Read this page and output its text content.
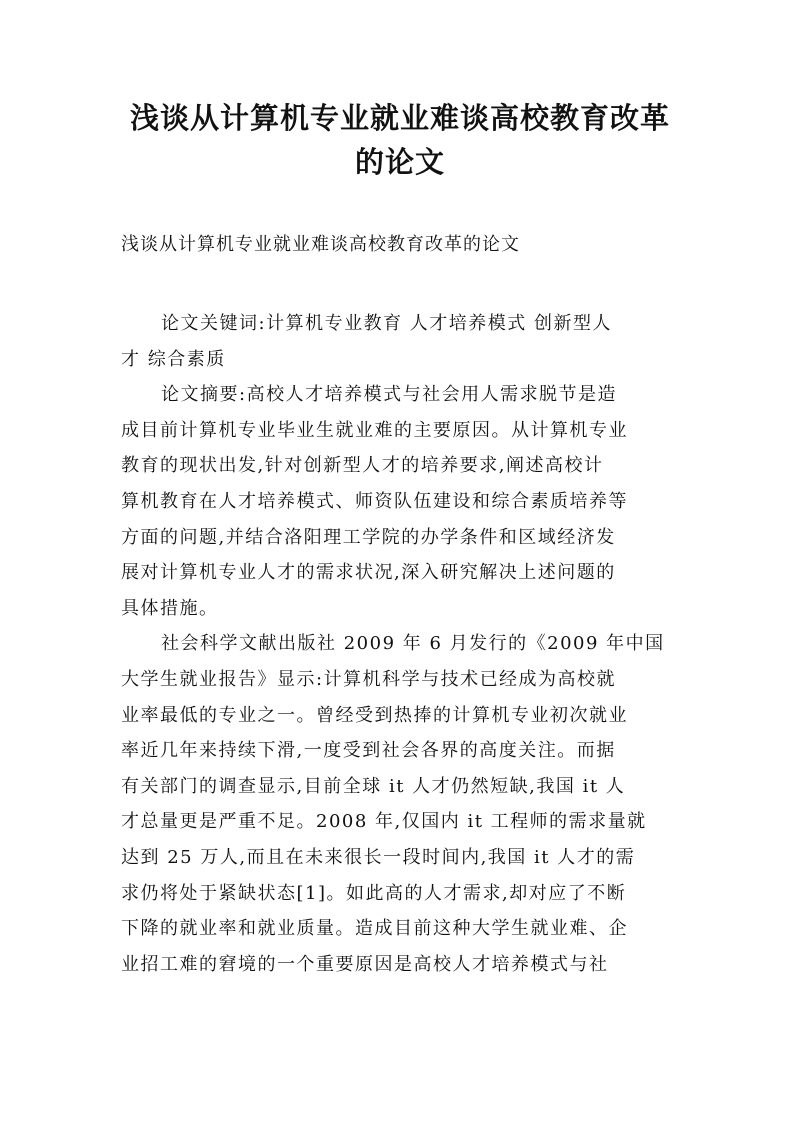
浅谈从计算机专业就业难谈高校教育改革
的论文
浅谈从计算机专业就业难谈高校教育改革的论文
论文关键词:计算机专业教育 人才培养模式 创新型人
才 综合素质
论文摘要:高校人才培养模式与社会用人需求脱节是造
成目前计算机专业毕业生就业难的主要原因。从计算机专业
教育的现状出发,针对创新型人才的培养要求,阐述高校计
算机教育在人才培养模式、师资队伍建设和综合素质培养等
方面的问题,并结合洛阳理工学院的办学条件和区域经济发
展对计算机专业人才的需求状况,深入研究解决上述问题的
具体措施。
社会科学文献出版社 2009 年 6 月发行的《2009 年中国
大学生就业报告》显示:计算机科学与技术已经成为高校就
业率最低的专业之一。曾经受到热捧的计算机专业初次就业
率近几年来持续下滑,一度受到社会各界的高度关注。而据
有关部门的调查显示,目前全球 it 人才仍然短缺,我国 it 人
才总量更是严重不足。2008 年,仅国内 it 工程师的需求量就
达到 25 万人,而且在未来很长一段时间内,我国 it 人才的需
求仍将处于紧缺状态[1]。如此高的人才需求,却对应了不断
下降的就业率和就业质量。造成目前这种大学生就业难、企
业招工难的窘境的一个重要原因是高校人才培养模式与社
